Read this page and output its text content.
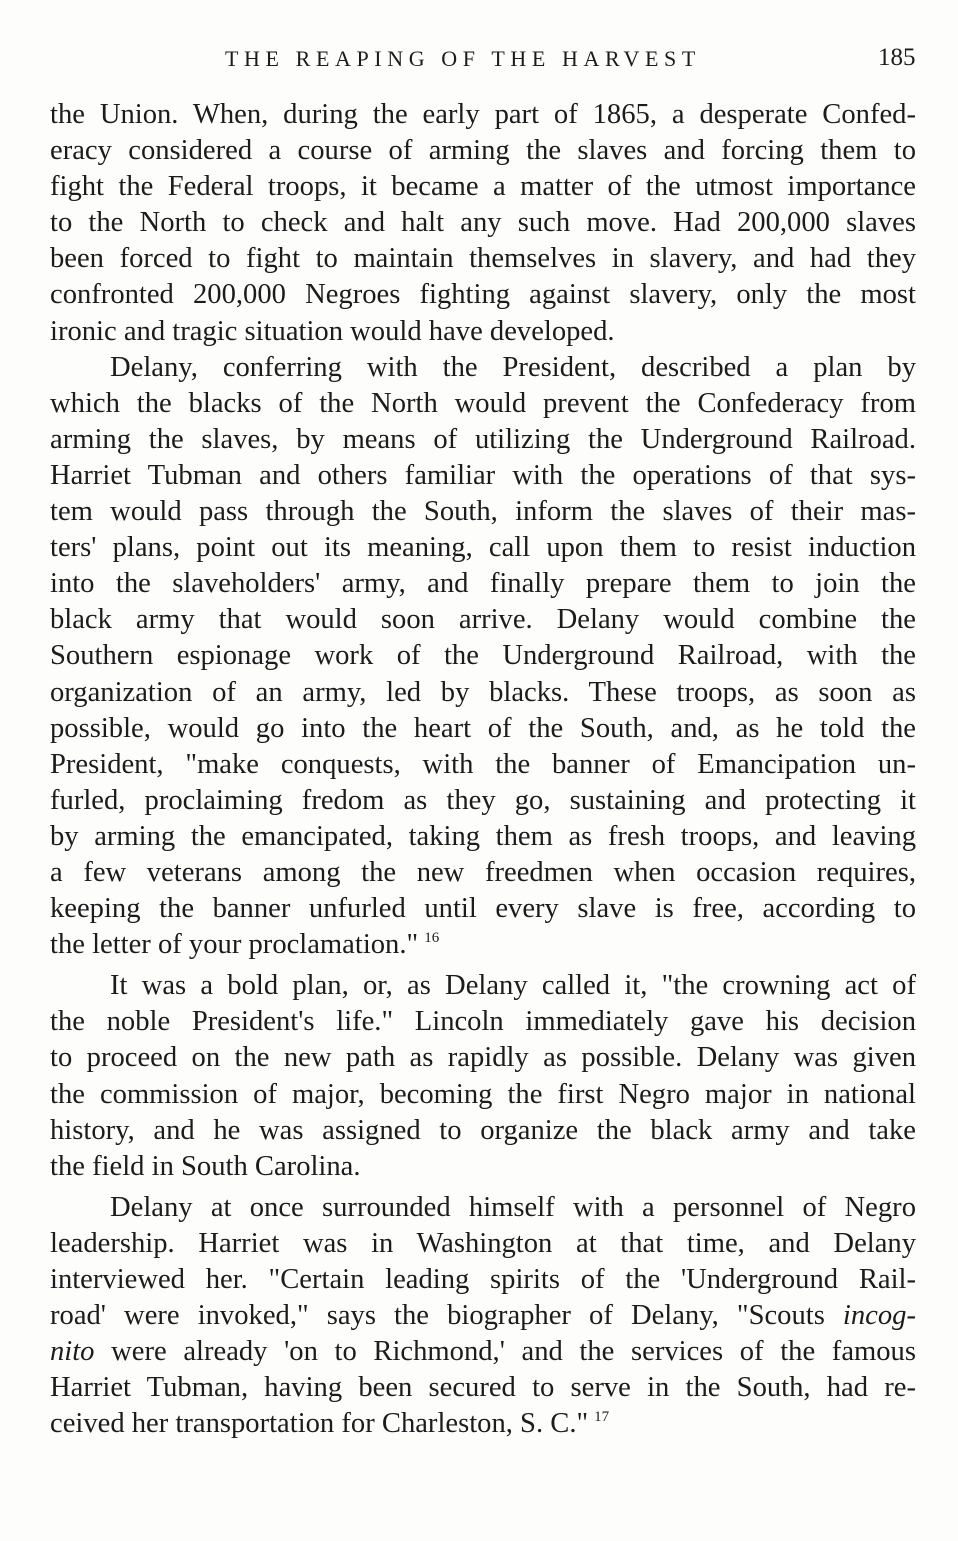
THE REAPING OF THE HARVEST	185
the Union. When, during the early part of 1865, a desperate Confed-
eracy considered a course of arming the slaves and forcing them to
fight the Federal troops, it became a matter of the utmost importance
to the North to check and halt any such move. Had 200,000 slaves
been forced to fight to maintain themselves in slavery, and had they
confronted 200,000 Negroes fighting against slavery, only the most
ironic and tragic situation would have developed.
Delany, conferring with the President, described a plan by
which the blacks of the North would prevent the Confederacy from
arming the slaves, by means of utilizing the Underground Railroad.
Harriet Tubman and others familiar with the operations of that sys-
tem would pass through the South, inform the slaves of their mas-
ters' plans, point out its meaning, call upon them to resist induction
into the slaveholders' army, and finally prepare them to join the
black army that would soon arrive. Delany would combine the
Southern espionage work of the Underground Railroad, with the
organization of an army, led by blacks. These troops, as soon as
possible, would go into the heart of the South, and, as he told the
President, "make conquests, with the banner of Emancipation un-
furled, proclaiming fredom as they go, sustaining and protecting it
by arming the emancipated, taking them as fresh troops, and leaving
a few veterans among the new freedmen when occasion requires,
keeping the banner unfurled until every slave is free, according to
the letter of your proclamation." $^{16}$
It was a bold plan, or, as Delany called it, "the crowning act of
the noble President's life." Lincoln immediately gave his decision
to proceed on the new path as rapidly as possible. Delany was given
the commission of major, becoming the first Negro major in national
history, and he was assigned to organize the black army and take
the field in South Carolina.
Delany at once surrounded himself with a personnel of Negro
leadership. Harriet was in Washington at that time, and Delany
interviewed her. "Certain leading spirits of the 'Underground Rail-
road' were invoked," says the biographer of Delany, "Scouts incog-
nito were already 'on to Richmond,' and the services of the famous
Harriet Tubman, having been secured to serve in the South, had re-
ceived her transportation for Charleston, S. C." $^{17}$
